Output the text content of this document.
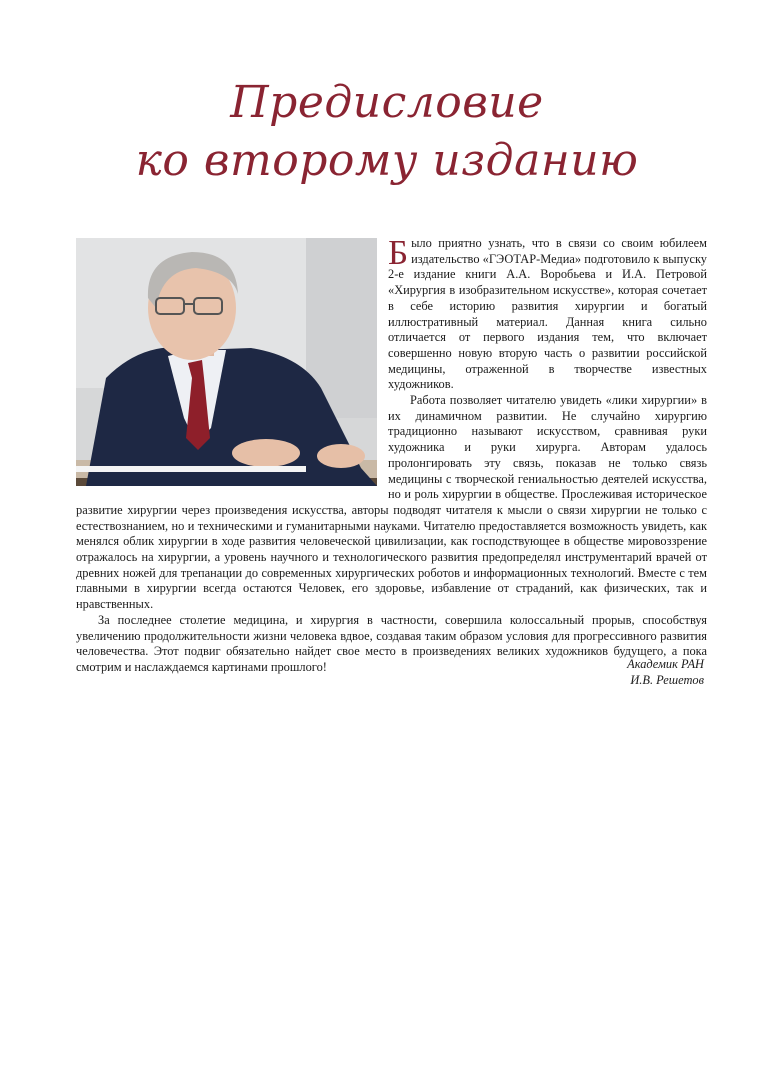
Предисловие
ко второму изданию

Было приятно узнать, что в связи со своим юбилеем издательство «ГЭОТАР-Медиа» подготовило к выпуску 2-е издание книги А.А. Воробьева и И.А. Петровой «Хирургия в изобразительном искусстве», которая сочетает в себе историю развития хирургии и богатый иллюстративный материал. Данная книга сильно отличается от первого издания тем, что включает совершенно новую вторую часть о развитии российской медицины, отраженной в творчестве известных художников.

Работа позволяет читателю увидеть «лики хирургии» в их динамичном развитии. Не случайно хирургию традиционно называют искусством, сравнивая руки художника и руки хирурга. Авторам удалось пролонгировать эту связь, показав не только связь медицины с творческой гениальностью деятелей искусства, но и роль хирургии в обществе. Прослеживая историческое развитие хирургии через произведения искусства, авторы подводят читателя к мысли о связи хирургии не только с естествознанием, но и техническими и гуманитарными науками. Читателю предоставляется возможность увидеть, как менялся облик хирургии в ходе развития человеческой цивилизации, как господствующее в обществе мировоззрение отражалось на хирургии, а уровень научного и технологического развития предопределял инструментарий врачей от древних ножей для трепанации до современных хирургических роботов и информационных технологий. Вместе с тем главными в хирургии всегда остаются Человек, его здоровье, избавление от страданий, как физических, так и нравственных.

За последнее столетие медицина, и хирургия в частности, совершила колоссальный прорыв, способствуя увеличению продолжительности жизни человека вдвое, создавая таким образом условия для прогрессивного развития человечества. Этот подвиг обязательно найдет свое место в произведениях великих художников будущего, а пока смотрим и наслаждаемся картинами прошлого!	Академик РАН
И.В. Решетов
